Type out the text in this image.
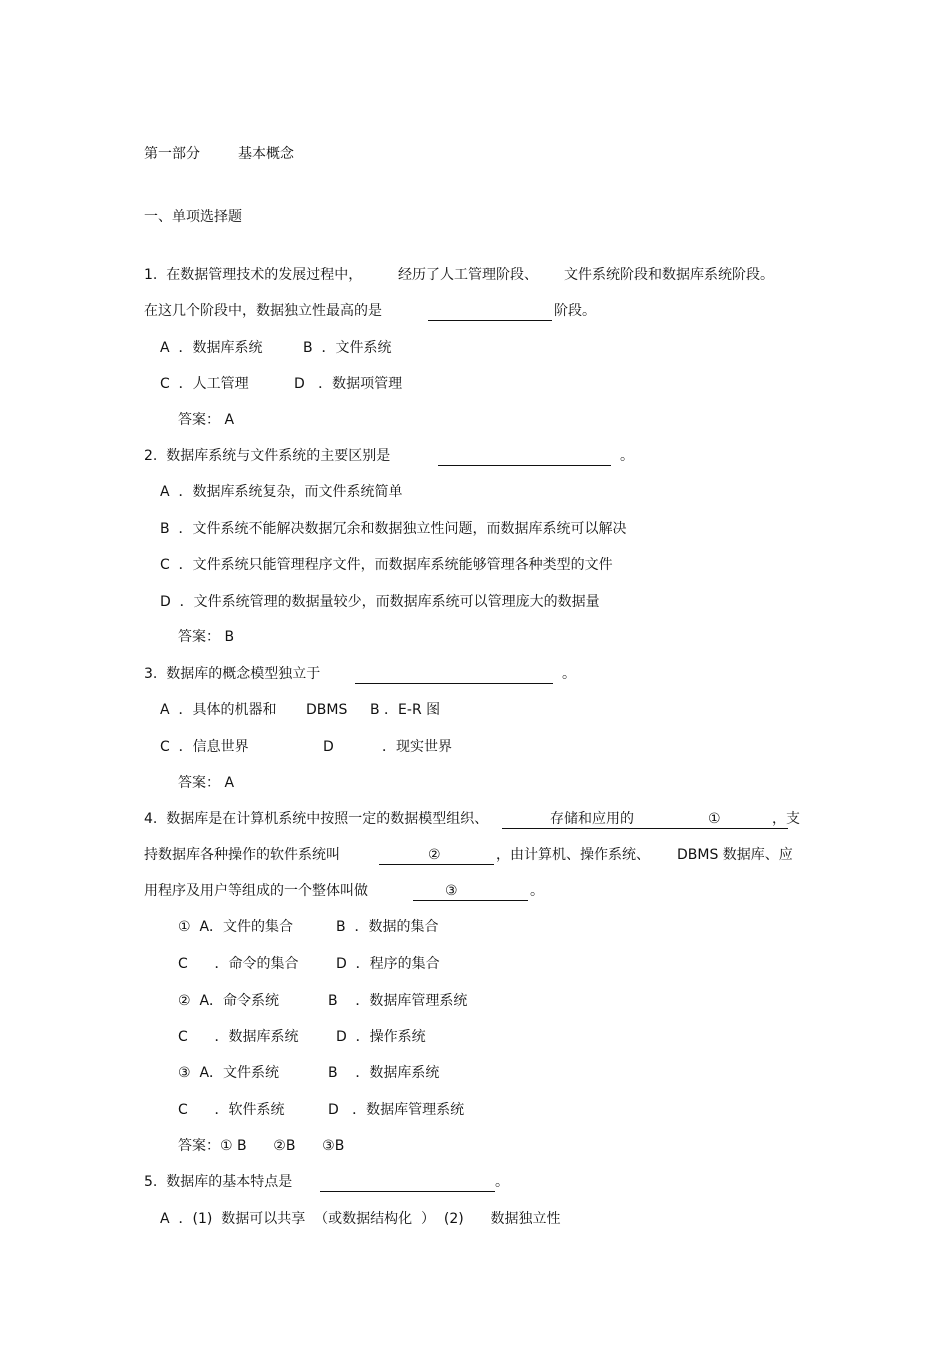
第一部分	基本概念
一、单项选择题
1.  在数据管理技术的发展过程中，	经历了人工管理阶段、 文件系统阶段和数据库系统阶段。
在这几个阶段中，数据独立性最高的是	阶段。
A  ．数据库系统	B  ．文件系统
C  ．人工管理	D   ．数据项管理
答案： A
2.  数据库系统与文件系统的主要区别是	。
A  ．数据库系统复杂，而文件系统简单
B  ．文件系统不能解决数据冗余和数据独立性问题，而数据库系统可以解决
C  ．文件系统只能管理程序文件，而数据库系统能够管理各种类型的文件
D  ．文件系统管理的数据量较少，而数据库系统可以管理庞大的数据量
答案： B
3.  数据库的概念模型独立于	。
A  ．具体的机器和 DBMS B ．E-R 图
C  ．信息世界	D	．现实世界
答案： A
4.  数据库是在计算机系统中按照一定的数据模型组织、	存储和应用的	①	，支
持数据库各种操作的软件系统叫	②	，由计算机、操作系统、 DBMS 数据库、应
用程序及用户等组成的一个整体叫做	③	。
①  A．文件的集合	B  ．数据的集合
C      ．命令的集合	D  ．程序的集合
②  A．命令系统	B    ．数据库管理系统
C      ．数据库系统	D  ．操作系统
③  A．文件系统	B    ．数据库系统
C      ．软件系统	D   ．数据库管理系统
答案：① B      ②B      ③B
5.  数据库的基本特点是	。
A  ．(1)  数据可以共享  （或数据结构化  ）  (2)      数据独立性
